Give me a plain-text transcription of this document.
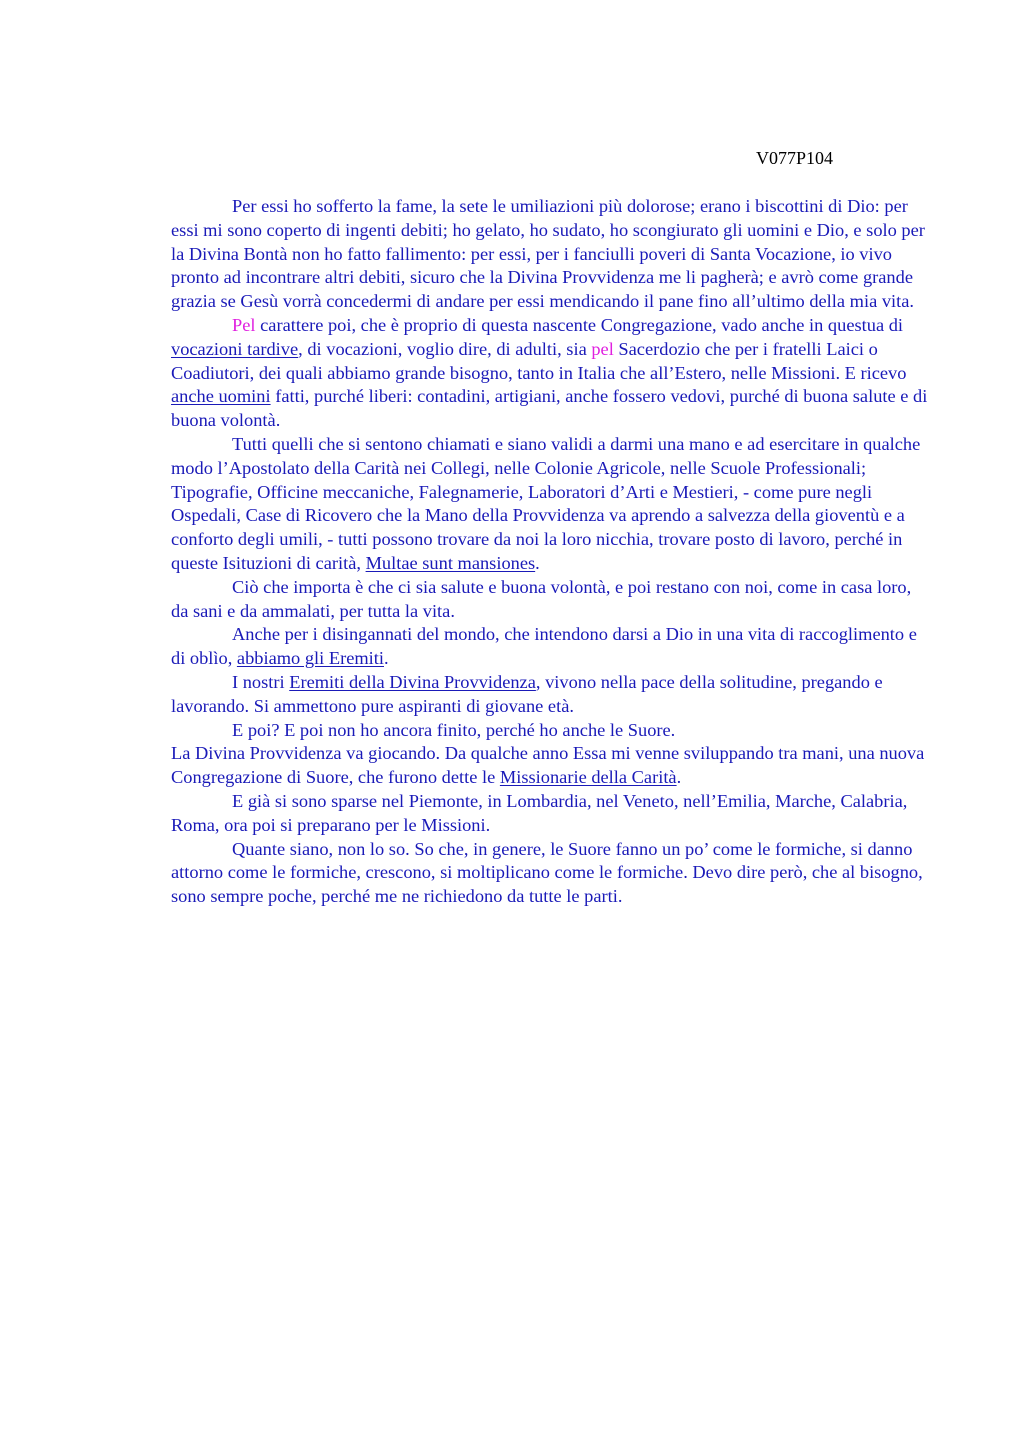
V077P104

Per essi ho sofferto la fame, la sete le umiliazioni più dolorose; erano i biscottini di Dio: per essi mi sono coperto di ingenti debiti; ho gelato, ho sudato, ho scongiurato gli uomini e Dio, e solo per la Divina Bontà non ho fatto fallimento: per essi, per i fanciulli poveri di Santa Vocazione, io vivo pronto ad incontrare altri debiti, sicuro che la Divina Provvidenza me li pagherà; e avrò come grande grazia se Gesù vorrà concedermi di andare per essi mendicando il pane fino all’ultimo della mia vita.

Pel carattere poi, che è proprio di questa nascente Congregazione, vado anche in questua di vocazioni tardive, di vocazioni, voglio dire, di adulti, sia pel Sacerdozio che per i fratelli Laici o Coadiutori, dei quali abbiamo grande bisogno, tanto in Italia che all’Estero, nelle Missioni. E ricevo anche uomini fatti, purché liberi: contadini, artigiani, anche fossero vedovi, purché di buona salute e di buona volontà.

Tutti quelli che si sentono chiamati e siano validi a darmi una mano e ad esercitare in qualche modo l’Apostolato della Carità nei Collegi, nelle Colonie Agricole, nelle Scuole Professionali; Tipografie, Officine meccaniche, Falegnamerie, Laboratori d’Arti e Mestieri, - come pure negli Ospedali, Case di Ricovero che la Mano della Provvidenza va aprendo a salvezza della gioventù e a conforto degli umili, - tutti possono trovare da noi la loro nicchia, trovare posto di lavoro, perché in queste Isituzioni di carità, Multae sunt mansiones.

Ciò che importa è che ci sia salute e buona volontà, e poi restano con noi, come in casa loro, da sani e da ammalati, per tutta la vita.

Anche per i disingannati del mondo, che intendono darsi a Dio in una vita di raccoglimento e di oblìo, abbiamo gli Eremiti.

I nostri Eremiti della Divina Provvidenza, vivono nella pace della solitudine, pregando e lavorando. Si ammettono pure aspiranti di giovane età.

E poi? E poi non ho ancora finito, perché ho anche le Suore.

La Divina Provvidenza va giocando. Da qualche anno Essa mi venne sviluppando tra mani, una nuova Congregazione di Suore, che furono dette le Missionarie della Carità.

E già si sono sparse nel Piemonte, in Lombardia, nel Veneto, nell’Emilia, Marche, Calabria, Roma, ora poi si preparano per le Missioni.

Quante siano, non lo so. So che, in genere, le Suore fanno un po’ come le formiche, si danno attorno come le formiche, crescono, si moltiplicano come le formiche. Devo dire però, che al bisogno, sono sempre poche, perché me ne richiedono da tutte le parti.
